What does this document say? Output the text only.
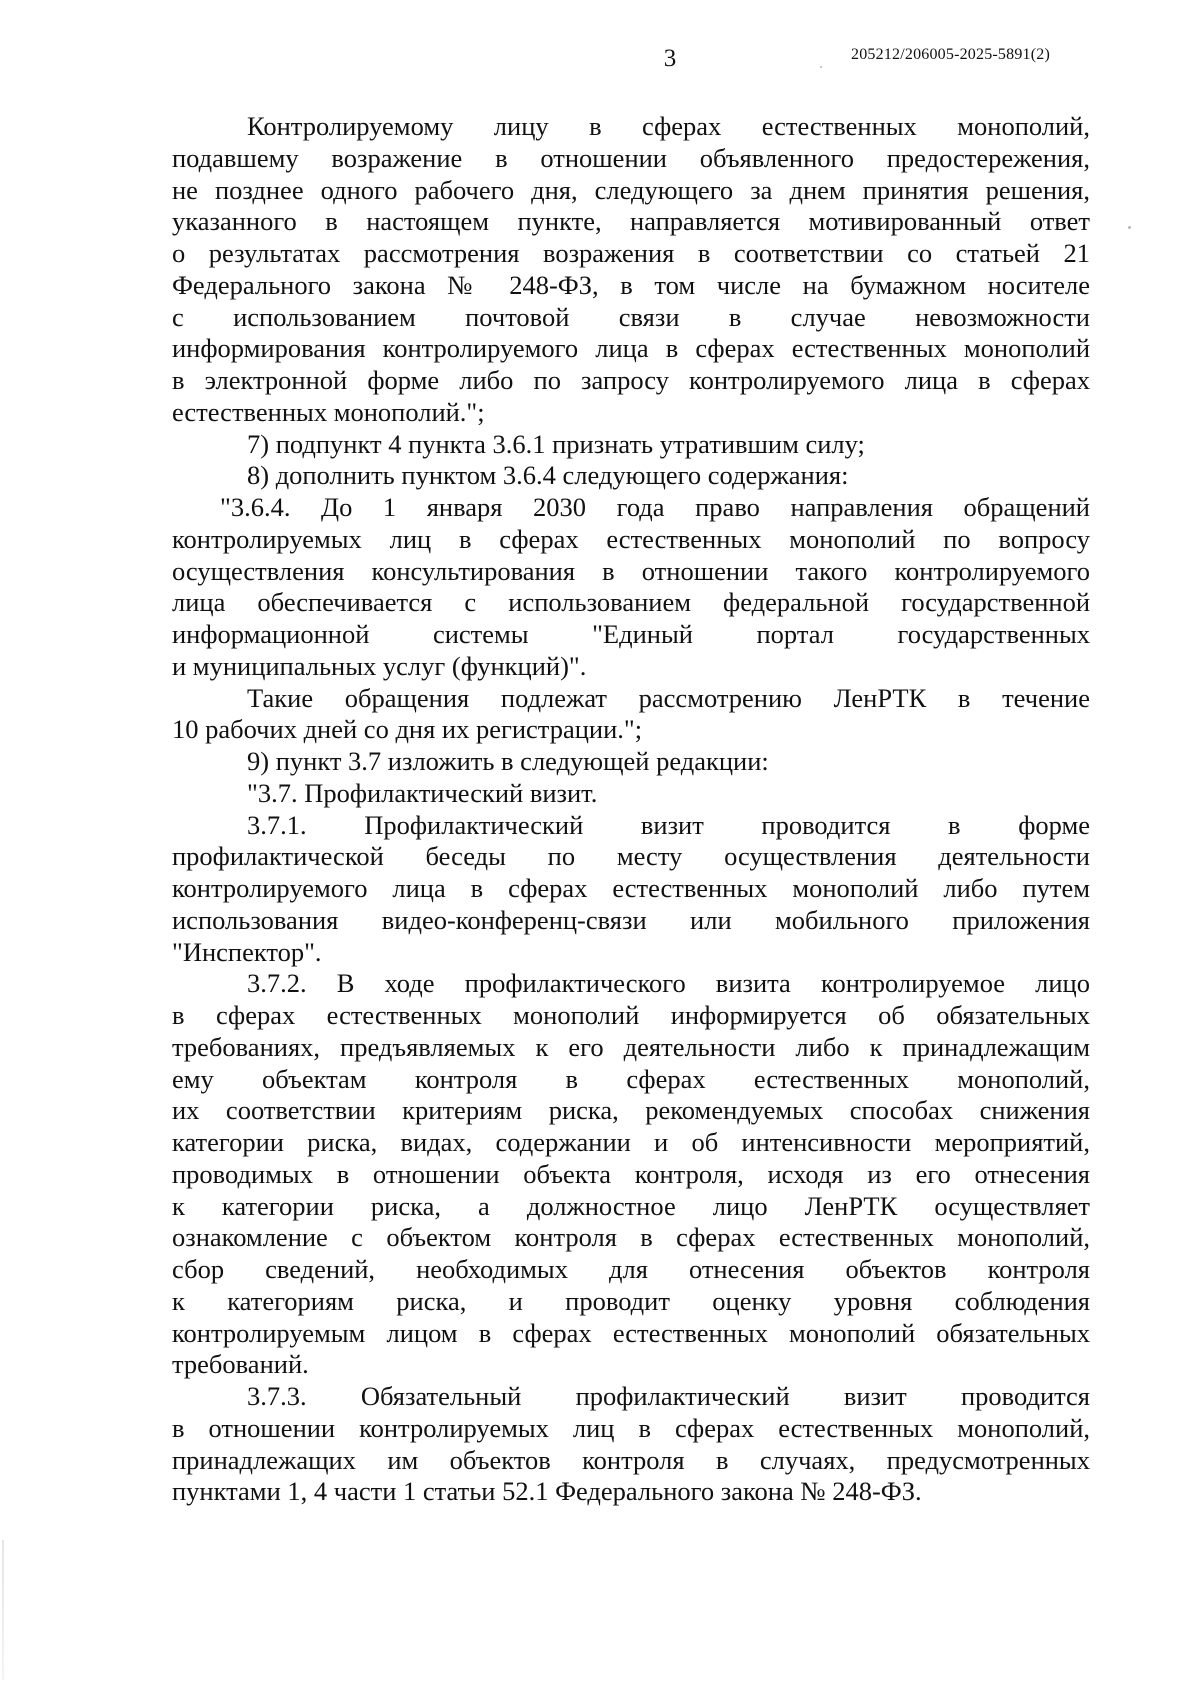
3	205212/206005-2025-5891(2)
Контролируемому лицу в сферах естественных монополий,
подавшему возражение в отношении объявленного предостережения,
не позднее одного рабочего дня, следующего за днем принятия решения,
указанного в настоящем пункте, направляется мотивированный ответ
о результатах рассмотрения возражения в соответствии со статьей 21
Федерального закона № 248-ФЗ, в том числе на бумажном носителе
с использованием почтовой связи в случае невозможности
информирования контролируемого лица в сферах естественных монополий
в электронной форме либо по запросу контролируемого лица в сферах
естественных монополий.";
7) подпункт 4 пункта 3.6.1 признать утратившим силу;
8) дополнить пунктом 3.6.4 следующего содержания:
"3.6.4. До 1 января 2030 года право направления обращений
контролируемых лиц в сферах естественных монополий по вопросу
осуществления консультирования в отношении такого контролируемого
лица обеспечивается с использованием федеральной государственной
информационной системы "Единый портал государственных
и муниципальных услуг (функций)".
Такие обращения подлежат рассмотрению ЛенРТК в течение
10 рабочих дней со дня их регистрации.";
9) пункт 3.7 изложить в следующей редакции:
"3.7. Профилактический визит.
3.7.1. Профилактический визит проводится в форме
профилактической беседы по месту осуществления деятельности
контролируемого лица в сферах естественных монополий либо путем
использования видео-конференц-связи или мобильного приложения
"Инспектор".
3.7.2. В ходе профилактического визита контролируемое лицо
в сферах естественных монополий информируется об обязательных
требованиях, предъявляемых к его деятельности либо к принадлежащим
ему объектам контроля в сферах естественных монополий,
их соответствии критериям риска, рекомендуемых способах снижения
категории риска, видах, содержании и об интенсивности мероприятий,
проводимых в отношении объекта контроля, исходя из его отнесения
к категории риска, а должностное лицо ЛенРТК осуществляет
ознакомление с объектом контроля в сферах естественных монополий,
сбор сведений, необходимых для отнесения объектов контроля
к категориям риска, и проводит оценку уровня соблюдения
контролируемым лицом в сферах естественных монополий обязательных
требований.
3.7.3. Обязательный профилактический визит проводится
в отношении контролируемых лиц в сферах естественных монополий,
принадлежащих им объектов контроля в случаях, предусмотренных
пунктами 1, 4 части 1 статьи 52.1 Федерального закона № 248-ФЗ.
